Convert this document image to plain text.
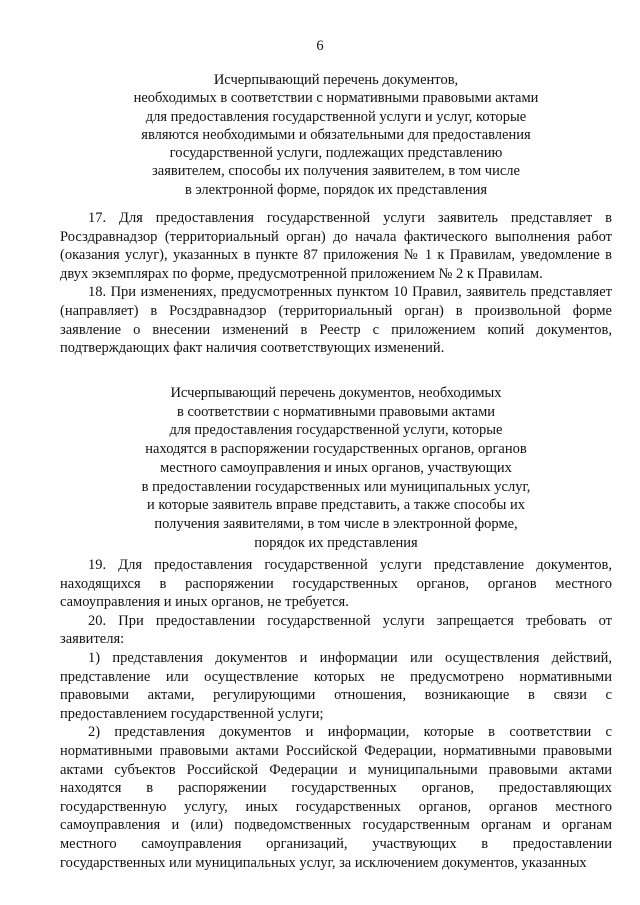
6
Исчерпывающий перечень документов,
необходимых в соответствии с нормативными правовыми актами
для предоставления государственной услуги и услуг, которые
являются необходимыми и обязательными для предоставления
государственной услуги, подлежащих представлению
заявителем, способы их получения заявителем, в том числе
в электронной форме, порядок их представления

17. Для предоставления государственной услуги заявитель представляет в Росздравнадзор (территориальный орган) до начала фактического выполнения работ (оказания услуг), указанных в пункте 87 приложения № 1 к Правилам, уведомление в двух экземплярах по форме, предусмотренной приложением № 2 к Правилам.

18. При изменениях, предусмотренных пунктом 10 Правил, заявитель представляет (направляет) в Росздравнадзор (территориальный орган) в произвольной форме заявление о внесении изменений в Реестр с приложением копий документов, подтверждающих факт наличия соответствующих изменений.

Исчерпывающий перечень документов, необходимых
в соответствии с нормативными правовыми актами
для предоставления государственной услуги, которые
находятся в распоряжении государственных органов, органов
местного самоуправления и иных органов, участвующих
в предоставлении государственных или муниципальных услуг,
и которые заявитель вправе представить, а также способы их
получения заявителями, в том числе в электронной форме,
порядок их представления

19. Для предоставления государственной услуги представление документов, находящихся в распоряжении государственных органов, органов местного самоуправления и иных органов, не требуется.

20. При предоставлении государственной услуги запрещается требовать от заявителя:

1) представления документов и информации или осуществления действий, представление или осуществление которых не предусмотрено нормативными правовыми актами, регулирующими отношения, возникающие в связи с предоставлением государственной услуги;

2) представления документов и информации, которые в соответствии с нормативными правовыми актами Российской Федерации, нормативными правовыми актами субъектов Российской Федерации и муниципальными правовыми актами находятся в распоряжении государственных органов, предоставляющих государственную услугу, иных государственных органов, органов местного самоуправления и (или) подведомственных государственным органам и органам местного самоуправления организаций, участвующих в предоставлении государственных или муниципальных услуг, за исключением документов, указанных
